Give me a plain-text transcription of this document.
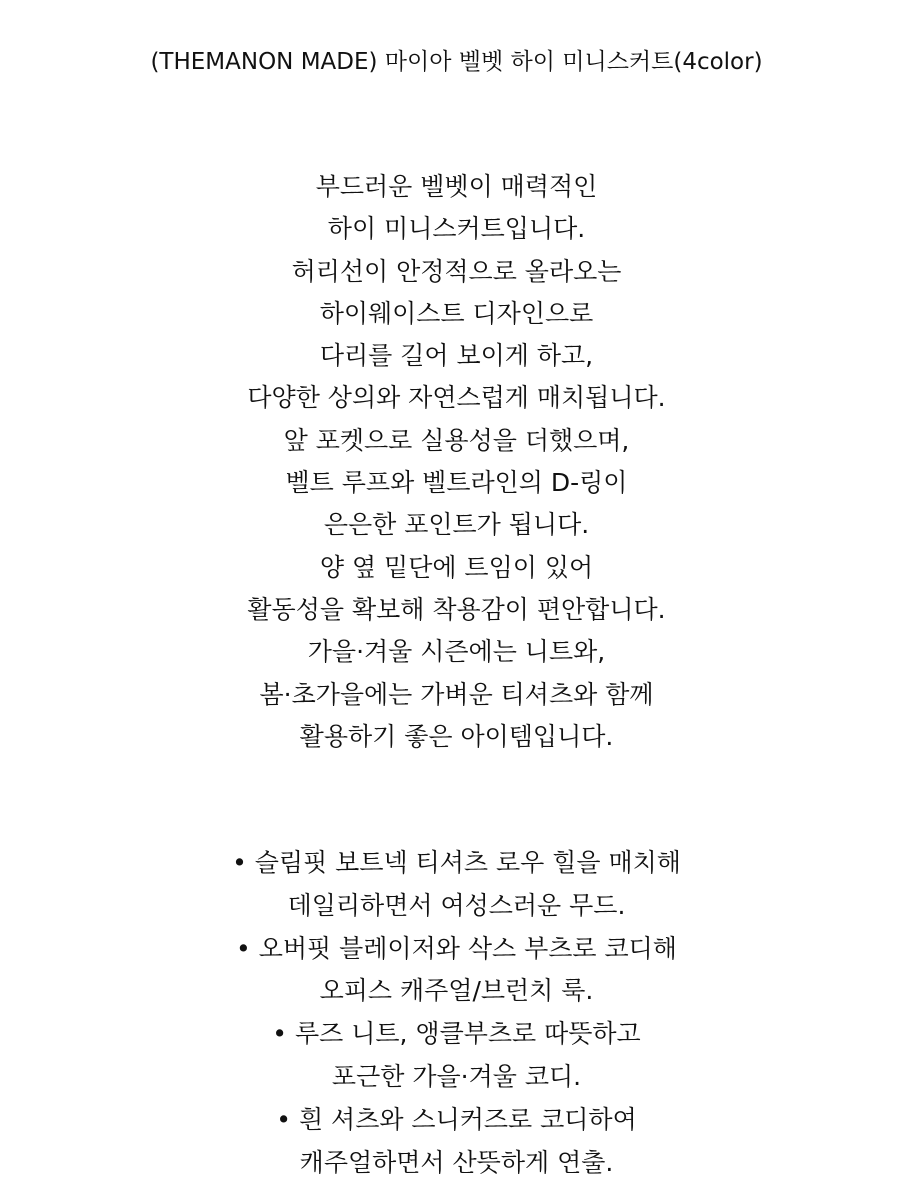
(THEMANON MADE) 마이아 벨벳 하이 미니스커트(4color)
부드러운 벨벳이 매력적인
하이 미니스커트입니다.
허리선이 안정적으로 올라오는
하이웨이스트 디자인으로
다리를 길어 보이게 하고,
다양한 상의와 자연스럽게 매치됩니다.
앞 포켓으로 실용성을 더했으며,
벨트 루프와 벨트라인의 D-링이
은은한 포인트가 됩니다.
양 옆 밑단에 트임이 있어
활동성을 확보해 착용감이 편안합니다.
가을·겨울 시즌에는 니트와,
봄·초가을에는 가벼운 티셔츠와 함께
활용하기 좋은 아이템입니다.
• 슬림핏 보트넥 티셔츠 로우 힐을 매치해
데일리하면서 여성스러운 무드.
• 오버핏 블레이저와 삭스 부츠로 코디해
오피스 캐주얼/브런치 룩.
• 루즈 니트, 앵클부츠로 따뜻하고
포근한 가을·겨울 코디.
• 흰 셔츠와 스니커즈로 코디하여
캐주얼하면서 산뜻하게 연출.
